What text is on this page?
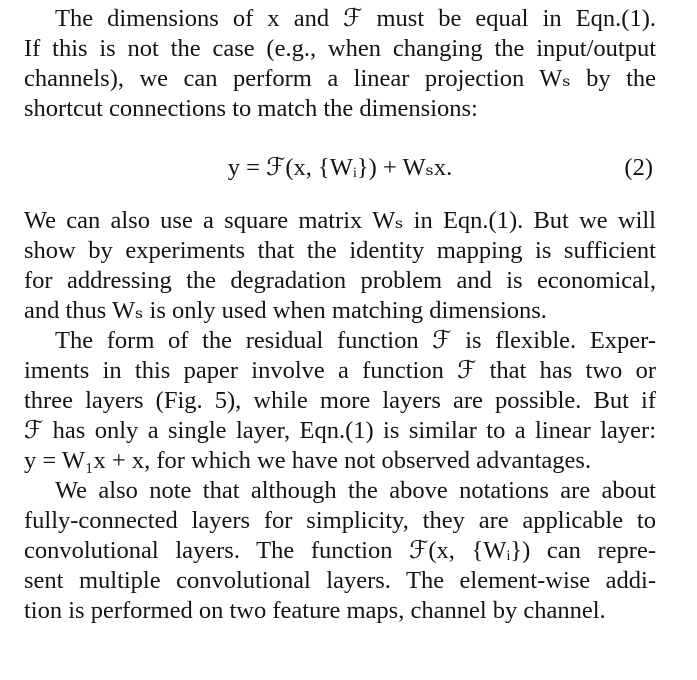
The dimensions of x and ℱ must be equal in Eqn.(1).
If this is not the case (e.g., when changing the input/output
channels), we can perform a linear projection Wₛ by the
shortcut connections to match the dimensions:
y = ℱ(x, {Wᵢ}) + Wₛx.	(2)
We can also use a square matrix Wₛ in Eqn.(1). But we will
show by experiments that the identity mapping is sufficient
for addressing the degradation problem and is economical,
and thus Wₛ is only used when matching dimensions.
The form of the residual function ℱ is flexible. Exper-
iments in this paper involve a function ℱ that has two or
three layers (Fig. 5), while more layers are possible. But if
ℱ has only a single layer, Eqn.(1) is similar to a linear layer:
y = W₁x + x, for which we have not observed advantages.
We also note that although the above notations are about
fully-connected layers for simplicity, they are applicable to
convolutional layers. The function ℱ(x, {Wᵢ}) can repre-
sent multiple convolutional layers. The element-wise addi-
tion is performed on two feature maps, channel by channel.
